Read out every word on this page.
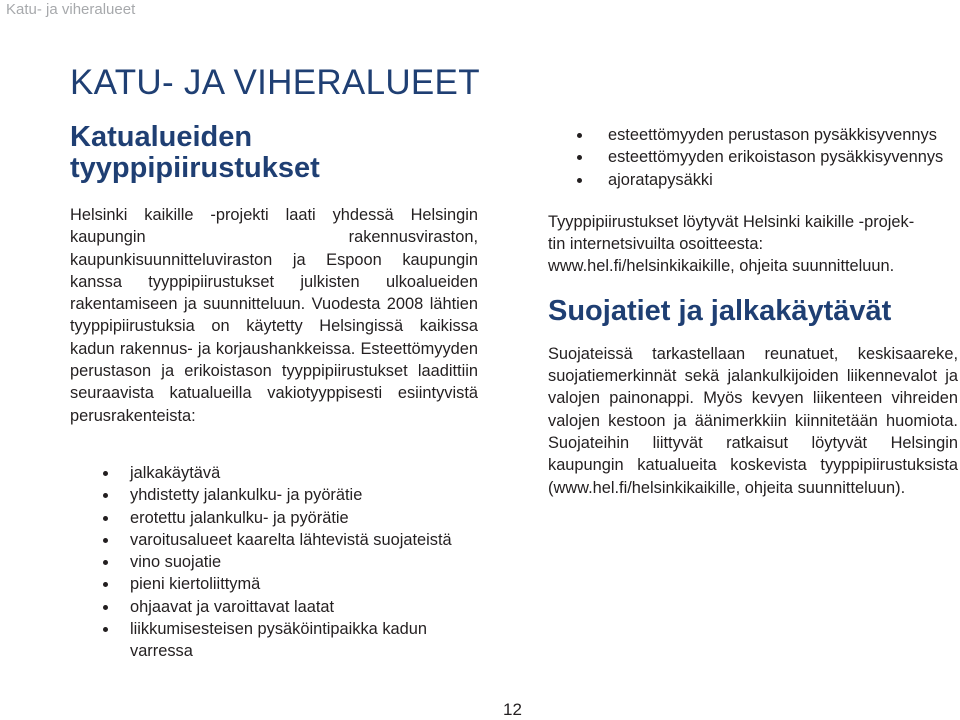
Katu- ja viheralueet
KATU- JA VIHERALUEET
Katualueiden
tyyppipiirustukset

Helsinki kaikille -projekti laati yhdessä Helsingin kaupungin rakennusviraston, kaupunkisuunnitteluviraston ja Espoon kaupungin kanssa tyyppipiirustukset julkisten ulkoalueiden rakentamiseen ja suunnitteluun. Vuodesta 2008 lähtien tyyppipiirustuksia on käytetty Helsingissä kaikissa kadun rakennus- ja korjaushankkeissa. Esteettömyyden perustason ja erikoistason tyyppipiirustukset laadittiin seuraavista katualueilla vakiotyyppisesti esiintyvistä perusrakenteista:

jalkakäytävä
yhdistetty jalankulku- ja pyörätie
erotettu jalankulku- ja pyörätie
varoitusalueet kaarelta lähtevistä suojateistä
vino suojatie
pieni kiertoliittymä
ohjaavat ja varoittavat laatat
liikkumisesteisen pysäköintipaikka kadun varressa
esteettömyyden perustason pysäkkisyvennys
esteettömyyden erikoistason pysäkkisyvennys
ajoratapysäkki

Tyyppipiirustukset löytyvät Helsinki kaikille -projek-
tin internetsivuilta osoitteesta:
www.hel.fi/helsinkikaikille, ohjeita suunnitteluun.

Suojatiet ja jalkakäytävät

Suojateissä tarkastellaan reunatuet, keskisaareke, suojatiemerkinnät sekä jalankulkijoiden liikennevalot ja valojen painonappi. Myös kevyen liikenteen vihreiden valojen kestoon ja äänimerkkiin kiinnitetään huomiota. Suojateihin liittyvät ratkaisut löytyvät Helsingin kaupungin katualueita koskevista tyyppipiirustuksista (www.hel.fi/helsinkikaikille, ohjeita suunnitteluun).

12
